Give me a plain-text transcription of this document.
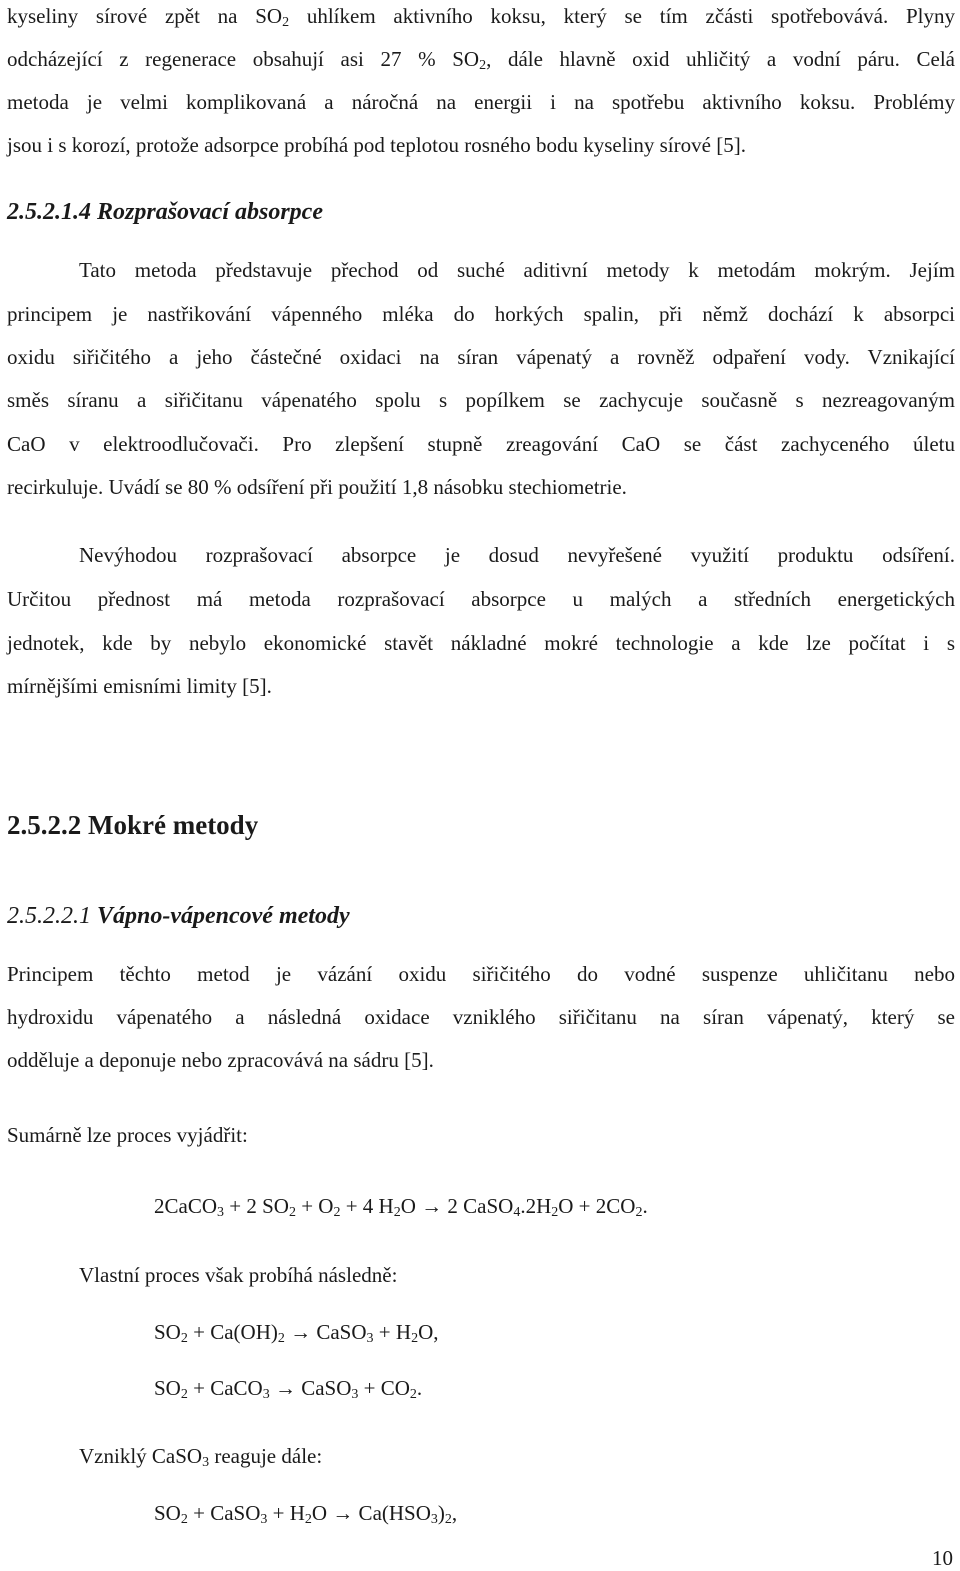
kyseliny sírové zpět na $SO_2$ uhlíkem aktivního koksu, který se tím zčásti spotřebovává. Plyny
odcházející z regenerace obsahují asi 27 % $SO_2$, dále hlavně oxid uhličitý a vodní páru. Celá
metoda je velmi komplikovaná a náročná na energii i na spotřebu aktivního koksu. Problémy
jsou i s korozí, protože adsorpce probíhá pod teplotou rosného bodu kyseliny sírové [5].
2.5.2.1.4 Rozprašovací absorpce
Tato metoda představuje přechod od suché aditivní metody k metodám mokrým. Jejím
principem je nastřikování vápenného mléka do horkých spalin, při němž dochází k absorpci
oxidu siřičitého a jeho částečné oxidaci na síran vápenatý a rovněž odpaření vody. Vznikající
směs síranu a siřičitanu vápenatého spolu s popílkem se zachycuje současně s nezreagovaným
CaO v elektroodlučovači. Pro zlepšení stupně zreagování CaO se část zachyceného úletu
recirkuluje. Uvádí se 80 % odsíření při použití 1,8 násobku stechiometrie.
Nevýhodou rozprašovací absorpce je dosud nevyřešené využití produktu odsíření.
Určitou přednost má metoda rozprašovací absorpce u malých a středních energetických
jednotek, kde by nebylo ekonomické stavět nákladné mokré technologie a kde lze počítat i s
mírnějšími emisními limity [5].
2.5.2.2 Mokré metody
2.5.2.2.1 Vápno-vápencové metody
Principem těchto metod je vázání oxidu siřičitého do vodné suspenze uhličitanu nebo
hydroxidu vápenatého a následná oxidace vzniklého siřičitanu na síran vápenatý, který se
odděluje a deponuje nebo zpracovává na sádru [5].
Sumárně lze proces vyjádřit:
2CaCO$_3$ + 2 $SO_2 + O_2 + 4$ $H_2O \to 2$ $CaSO_4.2H_2O + 2CO_2$.
Vlastní proces však probíhá následně:
$SO_2 + Ca(OH)_2$ → CaSO$_3$ + $H_2O$,
$SO_2$ + CaCO$_3$ → CaSO$_3$ + $CO_2$.
Vzniklý CaSO$_3$ reaguje dále:
$SO_2$ + CaSO$_3$ + $H_2O \to Ca(HSO_3)_2$,
10
